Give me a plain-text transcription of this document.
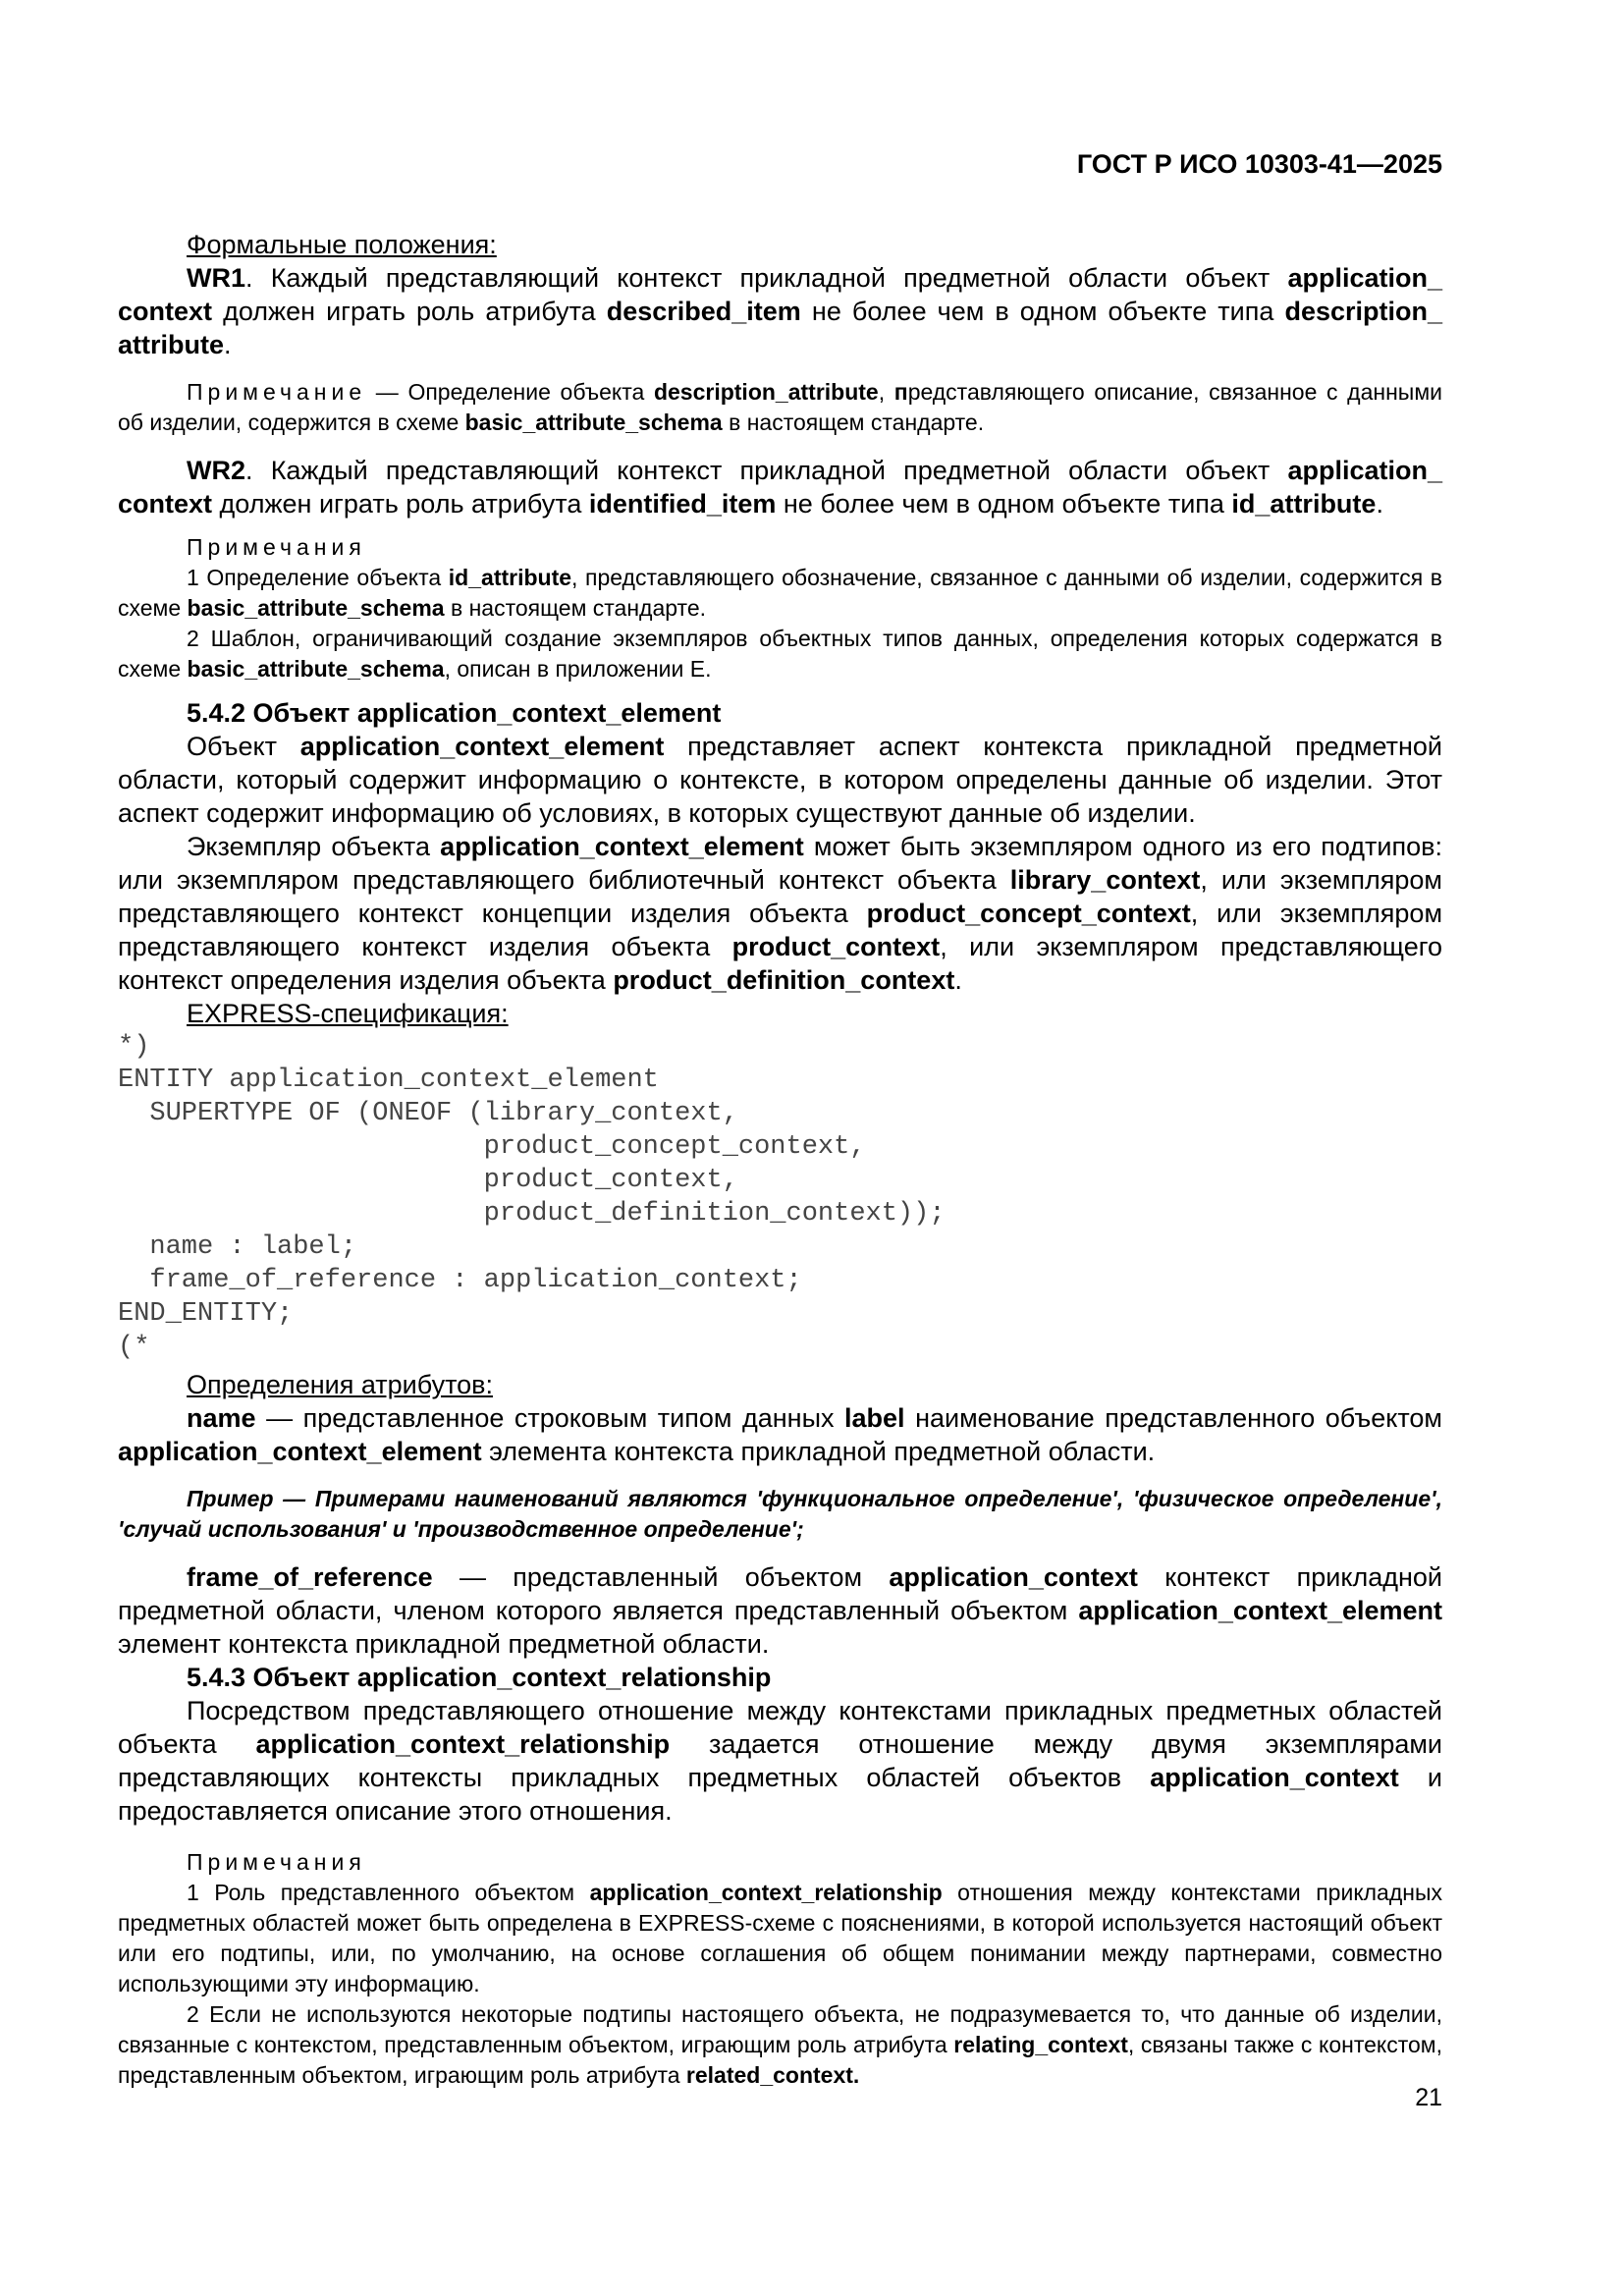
ГОСТ Р ИСО 10303-41—2025

Формальные положения:

WR1. Каждый представляющий контекст прикладной предметной области объект application_ context должен играть роль атрибута described_item не более чем в одном объекте типа description_ attribute.

Примечание — Определение объекта description_attribute, представляющего описание, связанное с данными об изделии, содержится в схеме basic_attribute_schema в настоящем стандарте.

WR2. Каждый представляющий контекст прикладной предметной области объект application_ context должен играть роль атрибута identified_item не более чем в одном объекте типа id_attribute.

Примечания

1 Определение объекта id_attribute, представляющего обозначение, связанное с данными об изделии, содержится в схеме basic_attribute_schema в настоящем стандарте.

2 Шаблон, ограничивающий создание экземпляров объектных типов данных, определения которых содержатся в схеме basic_attribute_schema, описан в приложении Е.

5.4.2 Объект application_context_element

Объект application_context_element представляет аспект контекста прикладной предметной области, который содержит информацию о контексте, в котором определены данные об изделии. Этот аспект содержит информацию об условиях, в которых существуют данные об изделии.

Экземпляр объекта application_context_element может быть экземпляром одного из его подтипов: или экземпляром представляющего библиотечный контекст объекта library_context, или экземпляром представляющего контекст концепции изделия объекта product_concept_context, или экземпляром представляющего контекст изделия объекта product_context, или экземпляром представляющего контекст определения изделия объекта product_definition_context.

EXPRESS-спецификация:

*)
ENTITY application_context_element
SUPERTYPE OF (ONEOF (library_context,
product_concept_context,
product_context,
product_definition_context));
name : label;
frame_of_reference : application_context;
END_ENTITY;
(*

Определения атрибутов:

name — представленное строковым типом данных label наименование представленного объектом application_context_element элемента контекста прикладной предметной области.

Пример — Примерами наименований являются 'функциональное определение', 'физическое определение', 'случай использования' и 'производственное определение';

frame_of_reference — представленный объектом application_context контекст прикладной предметной области, членом которого является представленный объектом application_context_element элемент контекста прикладной предметной области.

5.4.3 Объект application_context_relationship

Посредством представляющего отношение между контекстами прикладных предметных областей объекта application_context_relationship задается отношение между двумя экземплярами представляющих контексты прикладных предметных областей объектов application_context и предоставляется описание этого отношения.

Примечания

1 Роль представленного объектом application_context_relationship отношения между контекстами прикладных предметных областей может быть определена в EXPRESS-схеме с пояснениями, в которой используется настоящий объект или его подтипы, или, по умолчанию, на основе соглашения об общем понимании между партнерами, совместно использующими эту информацию.

2 Если не используются некоторые подтипы настоящего объекта, не подразумевается то, что данные об изделии, связанные с контекстом, представленным объектом, играющим роль атрибута relating_context, связаны также с контекстом, представленным объектом, играющим роль атрибута related_context.

21
